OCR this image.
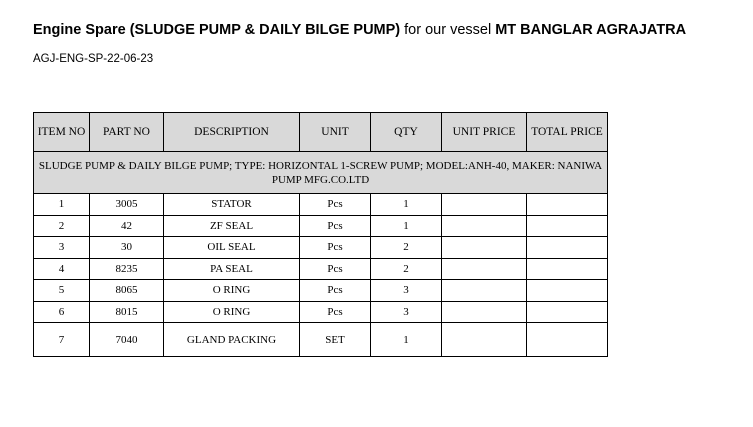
Engine Spare (SLUDGE PUMP & DAILY BILGE PUMP) for our vessel MT BANGLAR AGRAJATRA
AGJ-ENG-SP-22-06-23
ITEM NO	PART NO	DESCRIPTION	UNIT	QTY	UNIT PRICE	TOTAL PRICE
SLUDGE PUMP & DAILY BILGE PUMP; TYPE: HORIZONTAL 1-SCREW PUMP; MODEL:ANH-40, MAKER: NANIWA PUMP MFG.CO.LTD						
1	3005	STATOR	Pcs	1		
2	42	ZF SEAL	Pcs	1		
3	30	OIL SEAL	Pcs	2		
4	8235	PA SEAL	Pcs	2		
5	8065	O RING	Pcs	3		
6	8015	O RING	Pcs	3		
7	7040	GLAND PACKING	SET	1		
